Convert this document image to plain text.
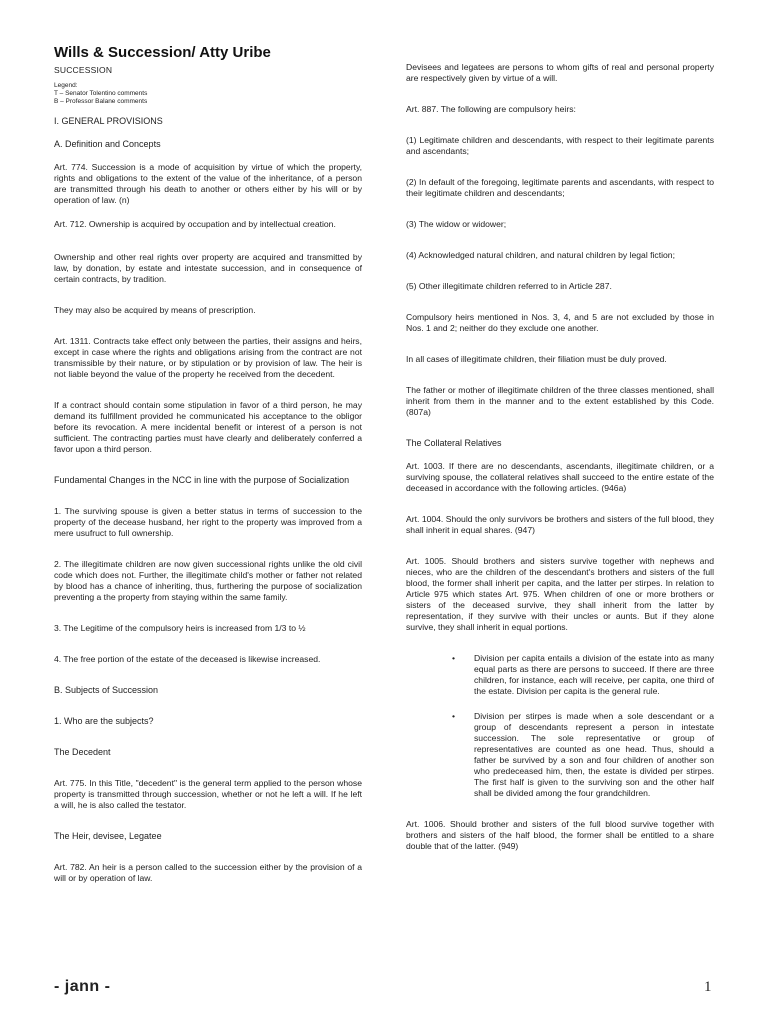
Wills & Succession/ Atty Uribe
SUCCESSION
Legend:
T – Senator Tolentino comments
B – Professor Balane comments
I. GENERAL PROVISIONS
A. Definition and Concepts

Art. 774. Succession is a mode of acquisition by virtue of which the property, rights and obligations to the extent of the value of the inheritance, of a person are transmitted through his death to another or others either by his will or by operation of law. (n)

Art. 712. Ownership is acquired by occupation and by intellectual creation.

Ownership and other real rights over property are acquired and transmitted by law, by donation, by estate and intestate succession, and in consequence of certain contracts, by tradition.

They may also be acquired by means of prescription.

Art. 1311. Contracts take effect only between the parties, their assigns and heirs, except in case where the rights and obligations arising from the contract are not transmissible by their nature, or by stipulation or by provision of law. The heir is not liable beyond the value of the property he received from the decedent.

If a contract should contain some stipulation in favor of a third person, he may demand its fulfillment provided he communicated his acceptance to the obligor before its revocation. A mere incidental benefit or interest of a person is not sufficient. The contracting parties must have clearly and deliberately conferred a favor upon a third person.

Fundamental Changes in the NCC in line with the purpose of Socialization

1. The surviving spouse is given a better status in terms of succession to the property of the decease husband, her right to the property was improved from a mere usufruct to full ownership.

2. The illegitimate children are now given successional rights unlike the old civil code which does not. Further, the illegitimate child's mother or father not related by blood has a chance of inheriting, thus, furthering the purpose of socialization preventing a the property from staying within the same family.

3. The Legitime of the compulsory heirs is increased from 1/3 to ½

4. The free portion of the estate of the deceased is likewise increased.

B. Subjects of Succession
1. Who are the subjects?
The Decedent

Art. 775. In this Title, "decedent" is the general term applied to the person whose property is transmitted through succession, whether or not he left a will. If he left a will, he is also called the testator.

The Heir, devisee, Legatee

Art. 782. An heir is a person called to the succession either by the provision of a will or by operation of law.

Devisees and legatees are persons to whom gifts of real and personal property are respectively given by virtue of a will.

Art. 887. The following are compulsory heirs:

(1) Legitimate children and descendants, with respect to their legitimate parents and ascendants;

(2) In default of the foregoing, legitimate parents and ascendants, with respect to their legitimate children and descendants;

(3) The widow or widower;

(4) Acknowledged natural children, and natural children by legal fiction;

(5) Other illegitimate children referred to in Article 287.

Compulsory heirs mentioned in Nos. 3, 4, and 5 are not excluded by those in Nos. 1 and 2; neither do they exclude one another.

In all cases of illegitimate children, their filiation must be duly proved.

The father or mother of illegitimate children of the three classes mentioned, shall inherit from them in the manner and to the extent established by this Code. (807a)

The Collateral Relatives

Art. 1003. If there are no descendants, ascendants, illegitimate children, or a surviving spouse, the collateral relatives shall succeed to the entire estate of the deceased in accordance with the following articles. (946a)

Art. 1004. Should the only survivors be brothers and sisters of the full blood, they shall inherit in equal shares. (947)

Art. 1005. Should brothers and sisters survive together with nephews and nieces, who are the children of the descendant's brothers and sisters of the full blood, the former shall inherit per capita, and the latter per stirpes. In relation to Article 975 which states Art. 975. When children of one or more brothers or sisters of the deceased survive, they shall inherit from the latter by representation, if they survive with their uncles or aunts. But if they alone survive, they shall inherit in equal portions.

• Division per capita entails a division of the estate into as many equal parts as there are persons to succeed. If there are three children, for instance, each will receive, per capita, one third of the estate. Division per capita is the general rule.
• Division per stirpes is made when a sole descendant or a group of descendants represent a person in intestate succession. The sole representative or group of representatives are counted as one head. Thus, should a father be survived by a son and four children of another son who predeceased him, then, the estate is divided per stirpes. The first half is given to the surviving son and the other half shall be divided among the four grandchildren.

Art. 1006. Should brother and sisters of the full blood survive together with brothers and sisters of the half blood, the former shall be entitled to a share double that of the latter. (949)

- jann -	1
